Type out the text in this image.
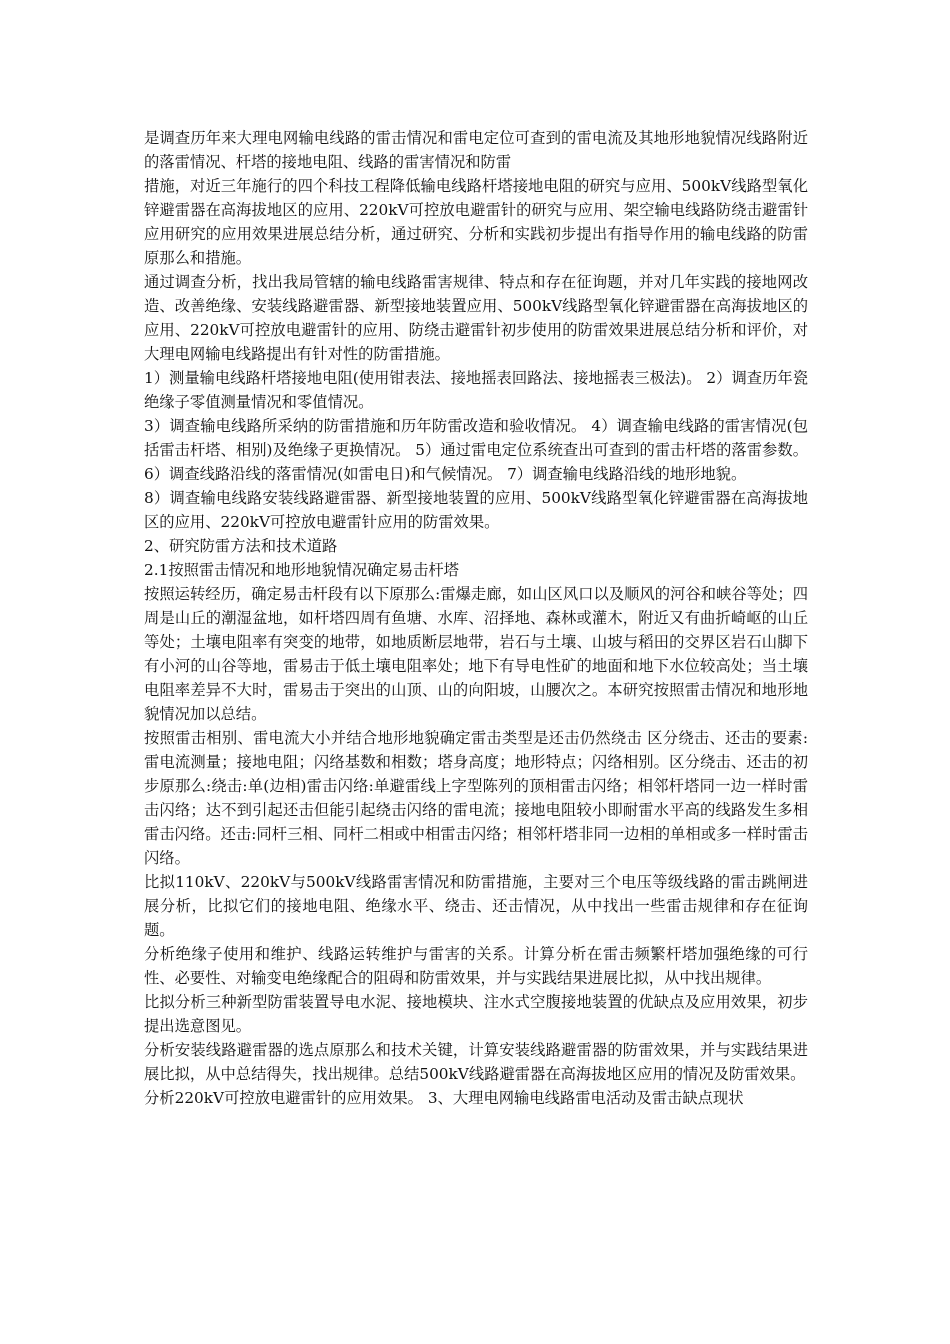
是调查历年来大理电网输电线路的雷击情况和雷电定位可查到的雷电流及其地形地貌情况线路附近的落雷情况、杆塔的接地电阻、线路的雷害情况和防雷

措施，对近三年施行的四个科技工程降低输电线路杆塔接地电阻的研究与应用、500kV线路型氧化锌避雷器在高海拔地区的应用、220kV可控放电避雷针的研究与应用、架空输电线路防绕击避雷针应用研究的应用效果进展总结分析，通过研究、分析和实践初步提出有指导作用的输电线路的防雷原那么和措施。

通过调查分析，找出我局管辖的输电线路雷害规律、特点和存在征询题，并对几年实践的接地网改造、改善绝缘、安装线路避雷器、新型接地装置应用、500kV线路型氧化锌避雷器在高海拔地区的应用、220kV可控放电避雷针的应用、防绕击避雷针初步使用的防雷效果进展总结分析和评价，对大理电网输电线路提出有针对性的防雷措施。

1）测量输电线路杆塔接地电阻(使用钳表法、接地摇表回路法、接地摇表三极法)。 2）调查历年瓷绝缘子零值测量情况和零值情况。

3）调查输电线路所采纳的防雷措施和历年防雷改造和验收情况。 4）调查输电线路的雷害情况(包括雷击杆塔、相别)及绝缘子更换情况。 5）通过雷电定位系统查出可查到的雷击杆塔的落雷参数。 6）调查线路沿线的落雷情况(如雷电日)和气候情况。 7）调查输电线路沿线的地形地貌。

8）调查输电线路安装线路避雷器、新型接地装置的应用、500kV线路型氧化锌避雷器在高海拔地区的应用、220kV可控放电避雷针应用的防雷效果。

2、研究防雷方法和技术道路

2.1按照雷击情况和地形地貌情况确定易击杆塔

按照运转经历，确定易击杆段有以下原那么:雷爆走廊，如山区风口以及顺风的河谷和峡谷等处；四周是山丘的潮湿盆地，如杆塔四周有鱼塘、水库、沼择地、森林或灌木，附近又有曲折崎岖的山丘等处；土壤电阻率有突变的地带，如地质断层地带，岩石与土壤、山坡与稻田的交界区岩石山脚下有小河的山谷等地，雷易击于低土壤电阻率处；地下有导电性矿的地面和地下水位较高处；当土壤电阻率差异不大时，雷易击于突出的山顶、山的向阳坡，山腰次之。本研究按照雷击情况和地形地貌情况加以总结。

按照雷击相别、雷电流大小并结合地形地貌确定雷击类型是还击仍然绕击 区分绕击、还击的要素:雷电流测量；接地电阻；闪络基数和相数；塔身高度；地形特点；闪络相别。区分绕击、还击的初步原那么:绕击:单(边相)雷击闪络:单避雷线上字型陈列的顶相雷击闪络；相邻杆塔同一边一样时雷击闪络；达不到引起还击但能引起绕击闪络的雷电流；接地电阻较小即耐雷水平高的线路发生多相雷击闪络。还击:同杆三相、同杆二相或中相雷击闪络；相邻杆塔非同一边相的单相或多一样时雷击闪络。

比拟110kV、220kV与500kV线路雷害情况和防雷措施，主要对三个电压等级线路的雷击跳闸进展分析，比拟它们的接地电阻、绝缘水平、绕击、还击情况，从中找出一些雷击规律和存在征询题。

分析绝缘子使用和维护、线路运转维护与雷害的关系。计算分析在雷击频繁杆塔加强绝缘的可行性、必要性、对输变电绝缘配合的阻碍和防雷效果，并与实践结果进展比拟，从中找出规律。

比拟分析三种新型防雷装置导电水泥、接地模块、注水式空腹接地装置的优缺点及应用效果，初步提出选意图见。

分析安装线路避雷器的选点原那么和技术关键，计算安装线路避雷器的防雷效果，并与实践结果进展比拟，从中总结得失，找出规律。总结500kV线路避雷器在高海拔地区应用的情况及防雷效果。

分析220kV可控放电避雷针的应用效果。 3、大理电网输电线路雷电活动及雷击缺点现状
